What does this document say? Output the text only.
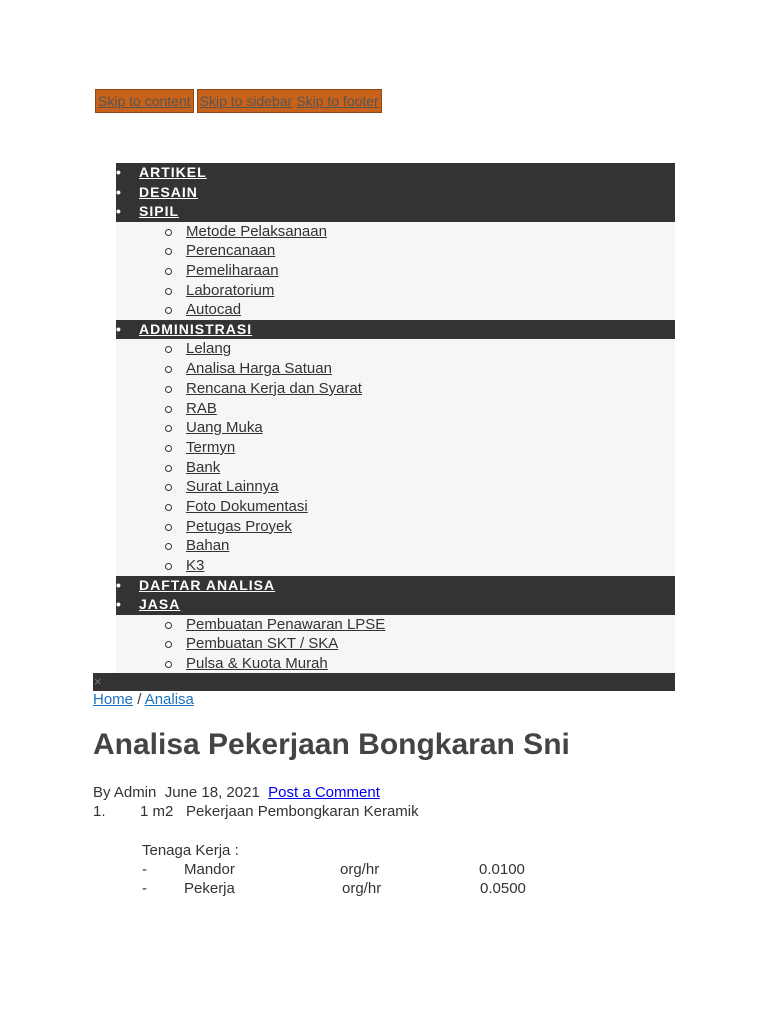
Skip to content Skip to sidebar Skip to footer
• ARTIKEL
• DESAIN
• SIPIL
Metode Pelaksanaan
Perencanaan
Pemeliharaan
Laboratorium
Autocad
• ADMINISTRASI
Lelang
Analisa Harga Satuan
Rencana Kerja dan Syarat
RAB
Uang Muka
Termyn
Bank
Surat Lainnya
Foto Dokumentasi
Petugas Proyek
Bahan
K3
• DAFTAR ANALISA
• JASA
Pembuatan Penawaran LPSE
Pembuatan SKT / SKA
Pulsa & Kuota Murah
×
Home / Analisa
Analisa Pekerjaan Bongkaran Sni
By Admin June 18, 2021 Post a Comment
1. 1 m2 Pekerjaan Pembongkaran Keramik
Tenaga Kerja :
- Mandor	org/hr	0.0100
- Pekerja	org/hr	0.0500
